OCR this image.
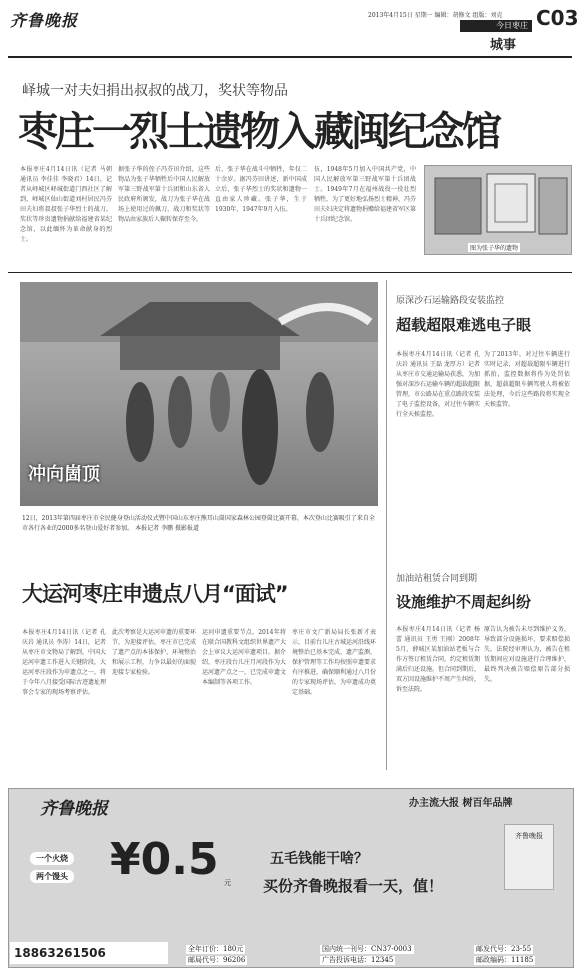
齐鲁晚报	2013年4月15日 星期一 编辑：胡修文 组版：刘克
今日枣庄 C03
城事
峄城一对夫妇捐出叔叔的战刀，奖状等物品
枣庄一烈士遗物入藏闽纪念馆
本报枣庄4月14日讯（记者 马朝 通讯员 李佳佳 李晓君）14日，记者从峄城区峄城街道门西社区了解到，峄城区仙山街道刘村居民冯芬田夫妇将叔叔张子华烈士的战刀，奖状等珍贵遗物捐献给福建省某纪念馆，以此缅怀为革命献身的烈士。
据张子华的侄子冯芬田介绍，这些物品为张子华牺牲后中国人民解放军第三野战军第十兵团和山东省人民政府所颁发，战刀为张子华在战场上使用过的佩刀，战刀和奖状等物品由家族后人辗转保存至今。
后，张子华在战斗中牺牲，年仅二十余岁。据冯芬田讲述，新中国成立后，张子华烈士的奖状和遗物一直由家人珍藏。张子华，生于1930年，1947年9月入伍。
伍，1948年5月加入中国共产党，中国人民解放军第三野战军第十兵团战士。1949年7月在福州战役一役壮烈牺牲，为了更好地弘扬烈士精神，冯芬田夫妇决定将遗物捐赠给福建省军区第十兵团纪念馆。
图为张子华的遗物
冲向崮顶
12日，2013年第四届枣庄市全民健身登山活动仪式暨中国山东枣庄熊耳山崮国家森林公园登崮比赛开幕，本次登山比赛吸引了来自全市各行各业的2000多名登山爱好者参加。 本报记者 李鹏 摄影报道
原深沙石运输路段安装监控
超载超限难逃电子眼
本报枣庄4月14日讯（记者 孔庆岩 通讯员 王磊 龙厚方）记者从枣庄市交通运输局获悉，为加强对深沙石运输车辆的超载超限管理，市公路局在重点路段安装了电子监控设备，对过往车辆实行全天候监控。
为了2013年，对过往车辆进行实时记录，对超载超限车辆进行抓拍，监控数据将作为处罚依据，超载超限车辆驾驶人将被依法处理，今后这些路段将实现全天候监管。
大运河枣庄申遗点八月“面试”
本报枣庄4月14日讯（记者 孔庆岩 通讯员 李涛）14日，记者从枣庄市文物局了解到，中国大运河申遗工作进入关键阶段，大运河枣庄段作为申遗点之一，将于今年八月接受国际古迹遗址理事会专家的现场考察评估。
此次考察是大运河申遗的重要环节，为迎接评估，枣庄市已完成了遗产点的本体保护、环境整治和展示工程，力争以最好的面貌迎接专家检验。
运河申遗重要节点，2014年将在联合国教科文组织世界遗产大会上审议大运河申遗项目。据介绍，枣庄段台儿庄月河段作为大运河遗产点之一，已完成申遗文本编制等各项工作。
枣庄市文广新局局长张新才表示，目前台儿庄古城运河沿线环境整治已基本完成，遗产监测、保护管理等工作均按照申遗要求有序推进，确保顺利通过八月份的专家现场评估，为申遗成功奠定基础。
加油站租赁合同到期
设施维护不周起纠纷
本报枣庄4月14日讯（记者 杨蕾 通讯员 王勇 王刚）2008年5月，薛城区某加油站老板与合作方签订租赁合同，约定租赁期满后归还设施。但合同到期后，双方因设施维护不周产生纠纷，诉至法院。
原告认为被告未尽到维护义务，导致部分设施损坏，要求赔偿损失。法院经审理认为，被告在租赁期间应对设施进行合理维护，最终判决被告赔偿原告部分损失。
齐鲁晚报	办主流大报 树百年品牌
一个火烧
两个馒头 ¥0.5 元
五毛钱能干啥？
买份齐鲁晚报看一天，值！
齐鲁晚报
18863261506	全年订价：180元	国内统一刊号：CN37-0003	邮发代号：23-55
邮局代号：96206	广告投诉电话：12345	邮政编码：11185
